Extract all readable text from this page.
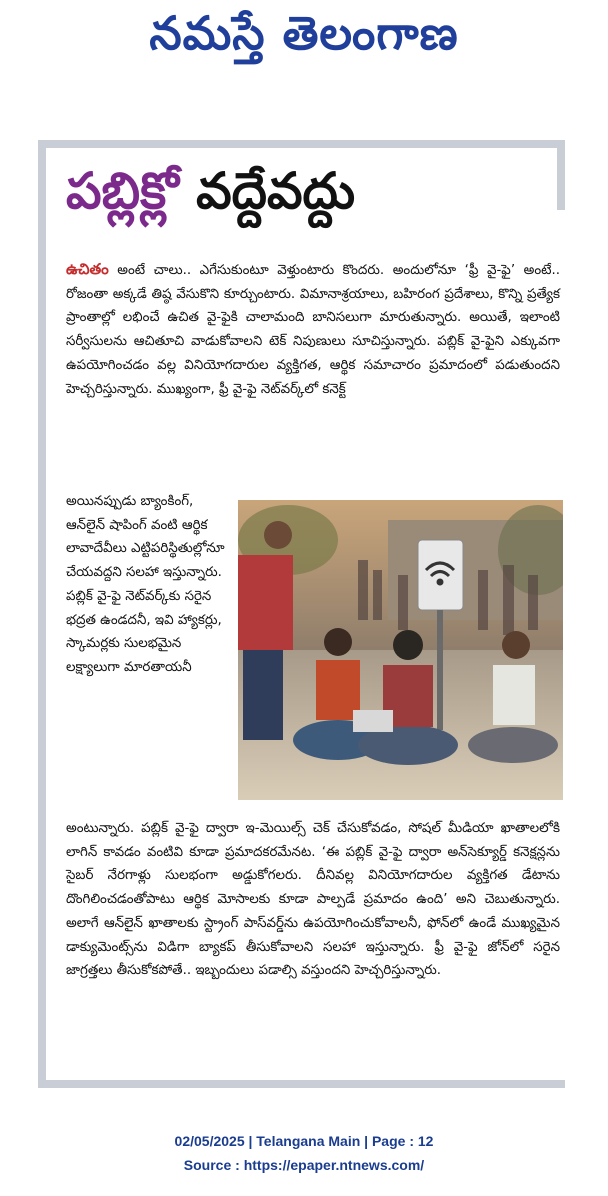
నమస్తే తెలంగాణ
పబ్లిక్లో వద్దేవద్దు
ఉచితం అంటే చాలు.. ఎగేసుకుంటూ వెళ్తుంటారు కొందరు. అందులోనూ ‘ఫ్రీ వై-ఫై’ అంటే.. రోజంతా అక్కడే తిష్ఠ వేసుకొని కూర్చుంటారు. విమానాశ్రయాలు, బహిరంగ ప్రదేశాలు, కొన్ని ప్రత్యేక ప్రాంతాల్లో లభించే ఉచిత వై-ఫైకి చాలామంది బానిసలుగా మారుతున్నారు. అయితే, ఇలాంటి సర్వీసులను ఆచితూచి వాడుకోవాలని టెక్ నిపుణులు సూచిస్తున్నారు. పబ్లిక్ వై-ఫైని ఎక్కువగా ఉపయోగించడం వల్ల వినియోగదారుల వ్యక్తిగత, ఆర్థిక సమాచారం ప్రమాదంలో పడుతుందని హెచ్చరిస్తున్నారు. ముఖ్యంగా, ఫ్రీ వై-ఫై నెట్‌వర్క్‌లో కనెక్ట్
అయినప్పుడు బ్యాంకింగ్, ఆన్‌లైన్ షాపింగ్ వంటి ఆర్థిక లావాదేవీలు ఎట్టిపరిస్థితుల్లోనూ చేయవద్దని సలహా ఇస్తున్నారు. పబ్లిక్ వై-ఫై నెట్‌వర్క్‌కు సరైన భద్రత ఉండదనీ, ఇవి హ్యాకర్లు, స్కామర్లకు సులభమైన లక్ష్యాలుగా మారతాయనీ
అంటున్నారు. పబ్లిక్ వై-ఫై ద్వారా ఇ-మెయిల్స్ చెక్ చేసుకోవడం, సోషల్ మీడియా ఖాతాలలోకి లాగిన్ కావడం వంటివి కూడా ప్రమాదకరమేనట. ‘ఈ పబ్లిక్ వై-ఫై ద్వారా అన్‌సెక్యూర్డ్ కనెక్షన్లను సైబర్ నేరగాళ్లు సులభంగా అడ్డుకోగలరు. దీనివల్ల వినియోగదారుల వ్యక్తిగత డేటాను దొంగిలించడంతోపాటు ఆర్థిక మోసాలకు కూడా పాల్పడే ప్రమాదం ఉంది’ అని చెబుతున్నారు. అలాగే ఆన్‌లైన్ ఖాతాలకు స్ట్రాంగ్ పాస్‌వర్డ్‌ను ఉపయోగించుకోవాలనీ, ఫోన్‌లో ఉండే ముఖ్యమైన డాక్యుమెంట్స్‌ను విడిగా బ్యాకప్ తీసుకోవాలని సలహా ఇస్తున్నారు. ఫ్రీ వై-ఫై జోన్‌లో సరైన జాగ్రత్తలు తీసుకోకపోతే.. ఇబ్బందులు పడాల్సి వస్తుందని హెచ్చరిస్తున్నారు.
02/05/2025 | Telangana Main | Page : 12
Source : https://epaper.ntnews.com/
